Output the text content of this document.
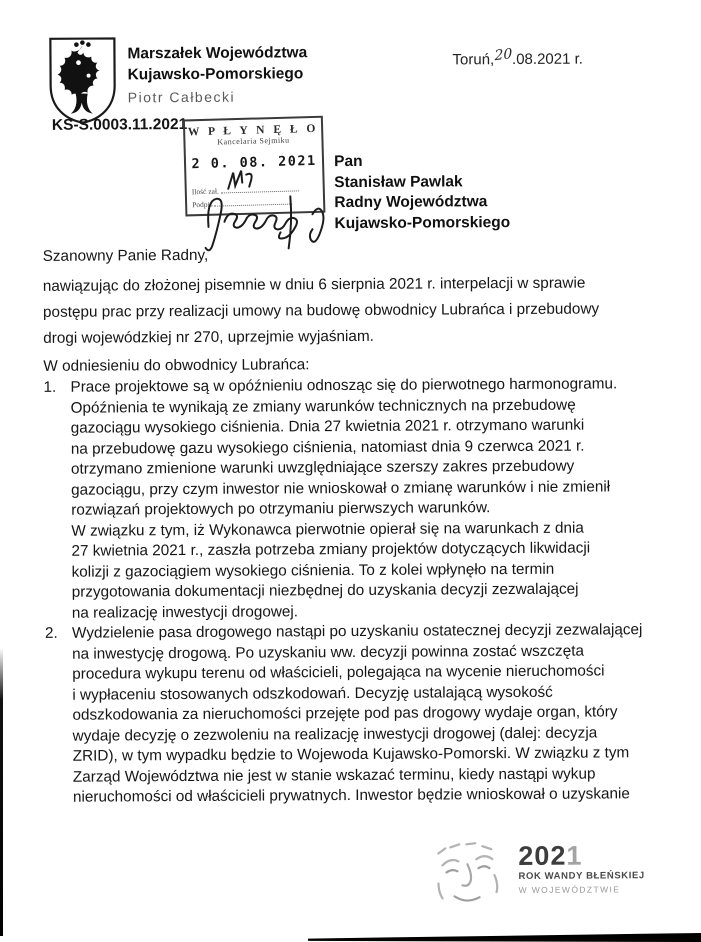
Marszałek Województwa
Kujawsko-Pomorskiego
Piotr Całbecki
Toruń,20.08.2021 r.
KS-S.0003.11.2021 W P Ł Y N Ę Ł O
Kancelaria Sejmiku
2 0. 08. 2021
Ilość zał.
Podpis
Pan
Stanisław Pawlak
Radny Województwa
Kujawsko-Pomorskiego
Szanowny Panie Radny,
nawiązując do złożonej pisemnie w dniu 6 sierpnia 2021 r. interpelacji w sprawie
postępu prac przy realizacji umowy na budowę obwodnicy Lubrańca i przebudowy
drogi wojewódzkiej nr 270, uprzejmie wyjaśniam.
W odniesieniu do obwodnicy Lubrańca:
1. Prace projektowe są w opóźnieniu odnosząc się do pierwotnego harmonogramu.
Opóźnienia te wynikają ze zmiany warunków technicznych na przebudowę
gazociągu wysokiego ciśnienia. Dnia 27 kwietnia 2021 r. otrzymano warunki
na przebudowę gazu wysokiego ciśnienia, natomiast dnia 9 czerwca 2021 r.
otrzymano zmienione warunki uwzględniające szerszy zakres przebudowy
gazociągu, przy czym inwestor nie wnioskował o zmianę warunków i nie zmienił
rozwiązań projektowych po otrzymaniu pierwszych warunków.
W związku z tym, iż Wykonawca pierwotnie opierał się na warunkach z dnia
27 kwietnia 2021 r., zaszła potrzeba zmiany projektów dotyczących likwidacji
kolizji z gazociągiem wysokiego ciśnienia. To z kolei wpłynęło na termin
przygotowania dokumentacji niezbędnej do uzyskania decyzji zezwalającej
na realizację inwestycji drogowej.
2. Wydzielenie pasa drogowego nastąpi po uzyskaniu ostatecznej decyzji zezwalającej
na inwestycję drogową. Po uzyskaniu ww. decyzji powinna zostać wszczęta
procedura wykupu terenu od właścicieli, polegająca na wycenie nieruchomości
i wypłaceniu stosowanych odszkodowań. Decyzję ustalającą wysokość
odszkodowania za nieruchomości przejęte pod pas drogowy wydaje organ, który
wydaje decyzję o zezwoleniu na realizację inwestycji drogowej (dalej: decyzja
ZRID), w tym wypadku będzie to Wojewoda Kujawsko-Pomorski. W związku z tym
Zarząd Województwa nie jest w stanie wskazać terminu, kiedy nastąpi wykup
nieruchomości od właścicieli prywatnych. Inwestor będzie wnioskował o uzyskanie
2021
ROK WANDY BŁEŃSKIEJ
W WOJEWÓDZTWIE
